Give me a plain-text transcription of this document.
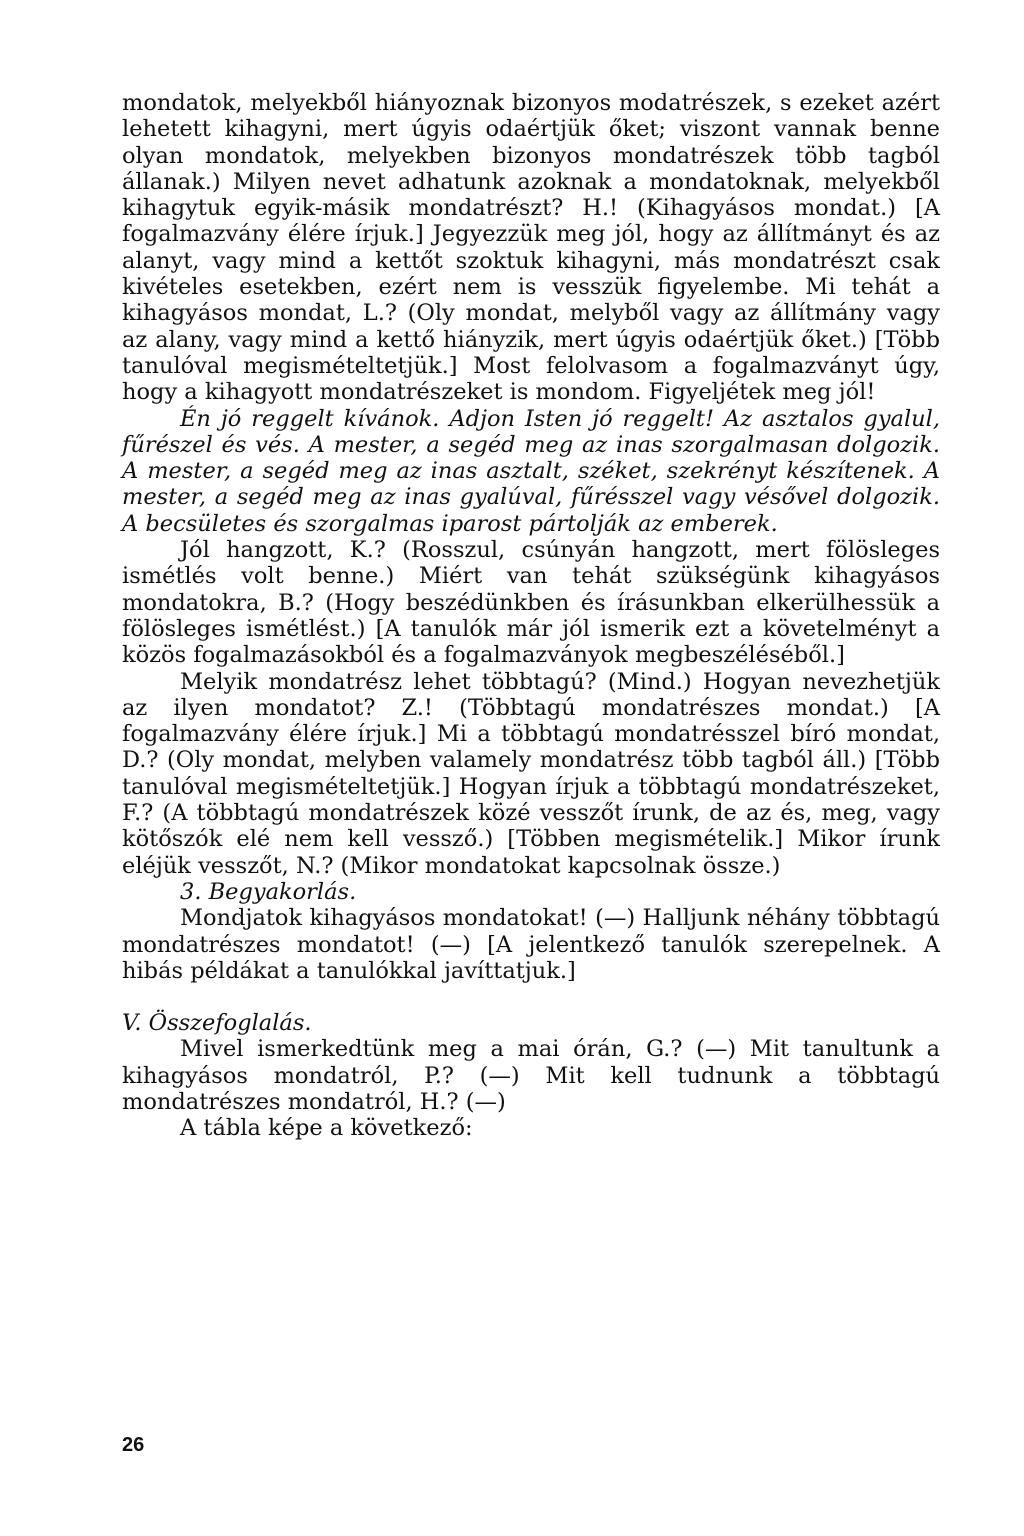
mondatok, melyekből hiányoznak bizonyos modatrészek, s ezeket azért lehetett kihagyni, mert úgyis odaértjük őket; viszont vannak benne olyan mondatok, melyekben bizonyos mondatrészek több tagból állanak.) Milyen nevet adhatunk azoknak a mondatoknak, melyekből kihagytuk egyik-másik mondatrészt? H.! (Kihagyásos mondat.) [A fogalmazvány élére írjuk.] Jegyezzük meg jól, hogy az állítmányt és az alanyt, vagy mind a kettőt szoktuk kihagyni, más mondatrészt csak kivételes esetekben, ezért nem is vesszük figyelembe. Mi tehát a kihagyásos mondat, L.? (Oly mondat, melyből vagy az állítmány vagy az alany, vagy mind a kettő hiányzik, mert úgyis odaértjük őket.) [Több tanulóval megismételtetjük.] Most felolvasom a fogalmazványt úgy, hogy a kihagyott mondatrészeket is mondom. Figyeljétek meg jól!

Én jó reggelt kívánok. Adjon Isten jó reggelt! Az asztalos gyalul, fűrészel és vés. A mester, a segéd meg az inas szorgalmasan dolgozik. A mester, a segéd meg az inas asztalt, széket, szekrényt készítenek. A mester, a segéd meg az inas gyalúval, fűrésszel vagy vésővel dolgozik. A becsületes és szorgalmas iparost pártolják az emberek.

Jól hangzott, K.? (Rosszul, csúnyán hangzott, mert fölösleges ismétlés volt benne.) Miért van tehát szükségünk kihagyásos mondatokra, B.? (Hogy beszédünkben és írásunkban elkerülhessük a fölösleges ismétlést.) [A tanulók már jól ismerik ezt a követelményt a közös fogalmazásokból és a fogalmazványok megbeszéléséből.]

Melyik mondatrész lehet többtagú? (Mind.) Hogyan nevezhetjük az ilyen mondatot? Z.! (Többtagú mondatrészes mondat.) [A fogalmazvány élére írjuk.] Mi a többtagú mondatrésszel bíró mondat, D.? (Oly mondat, melyben valamely mondatrész több tagból áll.) [Több tanulóval megismételtetjük.] Hogyan írjuk a többtagú mondatrészeket, F.? (A többtagú mondatrészek közé vesszőt írunk, de az és, meg, vagy kötőszók elé nem kell vessző.) [Többen megismételik.] Mikor írunk eléjük vesszőt, N.? (Mikor mondatokat kapcsolnak össze.)

3. Begyakorlás.

Mondjatok kihagyásos mondatokat! (—) Halljunk néhány többtagú mondatrészes mondatot! (—) [A jelentkező tanulók szerepelnek. A hibás példákat a tanulókkal javíttatjuk.]

V. Összefoglalás.

Mivel ismerkedtünk meg a mai órán, G.? (—) Mit tanultunk a kihagyásos mondatról, P.? (—) Mit kell tudnunk a többtagú mondatrészes mondatról, H.? (—)

A tábla képe a következő:

26
